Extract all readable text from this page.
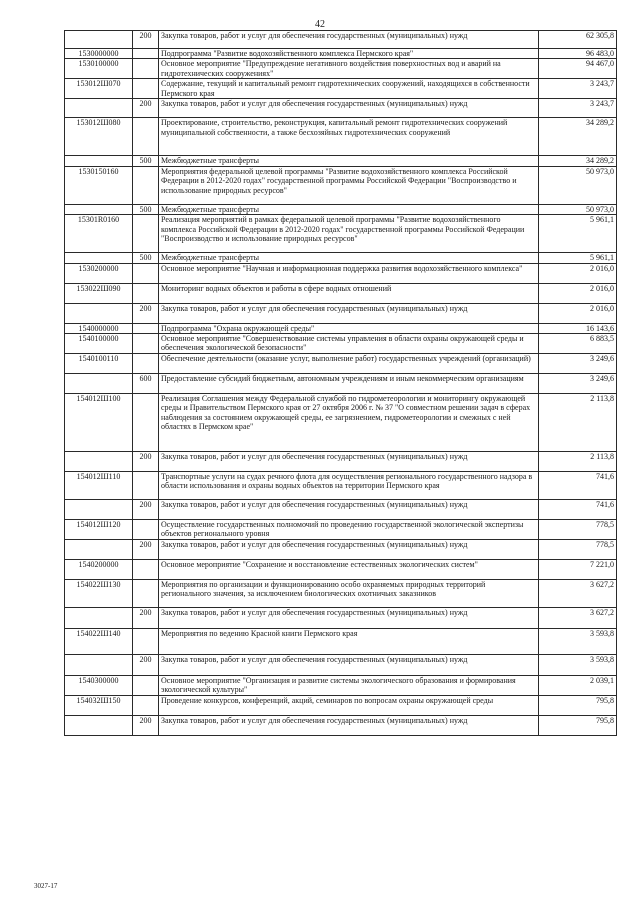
42
	200	Закупка товаров, работ и услуг для обеспечения государственных (муниципальных) нужд	62 305,8
1530000000		Подпрограмма "Развитие водохозяйственного комплекса Пермского края"	96 483,0
1530100000		Основное мероприятие "Предупреждение негативного воздействия поверхностных вод и аварий на гидротехнических сооружениях"	94 467,0
153012Ш070		Содержание, текущий и капитальный ремонт гидротехнических сооружений, находящихся в собственности Пермского края	3 243,7
	200	Закупка товаров, работ и услуг для обеспечения государственных (муниципальных) нужд	3 243,7
153012Ш080		Проектирование, строительство, реконструкция, капитальный ремонт гидротехнических сооружений муниципальной собственности, а также бесхозяйных гидротехнических сооружений	34 289,2
	500	Межбюджетные трансферты	34 289,2
1530150160		Мероприятия федеральной целевой программы "Развитие водохозяйственного комплекса Российской Федерации в 2012-2020 годах" государственной программы Российской Федерации "Воспроизводство и использование природных ресурсов"	50 973,0
	500	Межбюджетные трансферты	50 973,0
15301R0160		Реализация мероприятий в рамках федеральной целевой программы "Развитие водохозяйственного комплекса Российской Федерации в 2012-2020 годах" государственной программы Российской Федерации "Воспроизводство и использование природных ресурсов"	5 961,1
	500	Межбюджетные трансферты	5 961,1
1530200000		Основное мероприятие "Научная и информационная поддержка развития водохозяйственного комплекса"	2 016,0
153022Ш090		Мониторинг водных объектов и работы в сфере водных отношений	2 016,0
	200	Закупка товаров, работ и услуг для обеспечения государственных (муниципальных) нужд	2 016,0
1540000000		Подпрограмма "Охрана окружающей среды"	16 143,6
1540100000		Основное мероприятие "Совершенствование системы управления в области охраны окружающей среды и обеспечения экологической безопасности"	6 883,5
1540100110		Обеспечение деятельности (оказание услуг, выполнение работ) государственных учреждений (организаций)	3 249,6
	600	Предоставление субсидий бюджетным, автономным учреждениям и иным некоммерческим организациям	3 249,6
154012Ш100		Реализация Соглашения между Федеральной службой по гидрометеорологии и мониторингу окружающей среды и Правительством Пермского края от 27 октября 2006 г. № 37 "О совместном решении задач в сферах наблюдения за состоянием окружающей среды, ее загрязнением, гидрометеорологии и смежных с ней областях в Пермском крае"	2 113,8
	200	Закупка товаров, работ и услуг для обеспечения государственных (муниципальных) нужд	2 113,8
154012Ш110		Транспортные услуги на судах речного флота для осуществления регионального государственного надзора в области использования и охраны водных объектов на территории Пермского края	741,6
	200	Закупка товаров, работ и услуг для обеспечения государственных (муниципальных) нужд	741,6
154012Ш120		Осуществление государственных полномочий по проведению государственной экологической экспертизы объектов регионального уровня	778,5
	200	Закупка товаров, работ и услуг для обеспечения государственных (муниципальных) нужд	778,5
1540200000		Основное мероприятие "Сохранение и восстановление естественных экологических систем"	7 221,0
154022Ш130		Мероприятия по организации и функционированию особо охраняемых природных территорий регионального значения, за исключением биологических охотничьих заказников	3 627,2
	200	Закупка товаров, работ и услуг для обеспечения государственных (муниципальных) нужд	3 627,2
154022Ш140		Мероприятия по ведению Красной книги Пермского края	3 593,8
	200	Закупка товаров, работ и услуг для обеспечения государственных (муниципальных) нужд	3 593,8
1540300000		Основное мероприятие "Организация и развитие системы экологического образования и формирования экологической культуры"	2 039,1
154032Ш150		Проведение конкурсов, конференций, акций, семинаров по вопросам охраны окружающей среды	795,8
	200	Закупка товаров, работ и услуг для обеспечения государственных (муниципальных) нужд	795,8
3027-17
